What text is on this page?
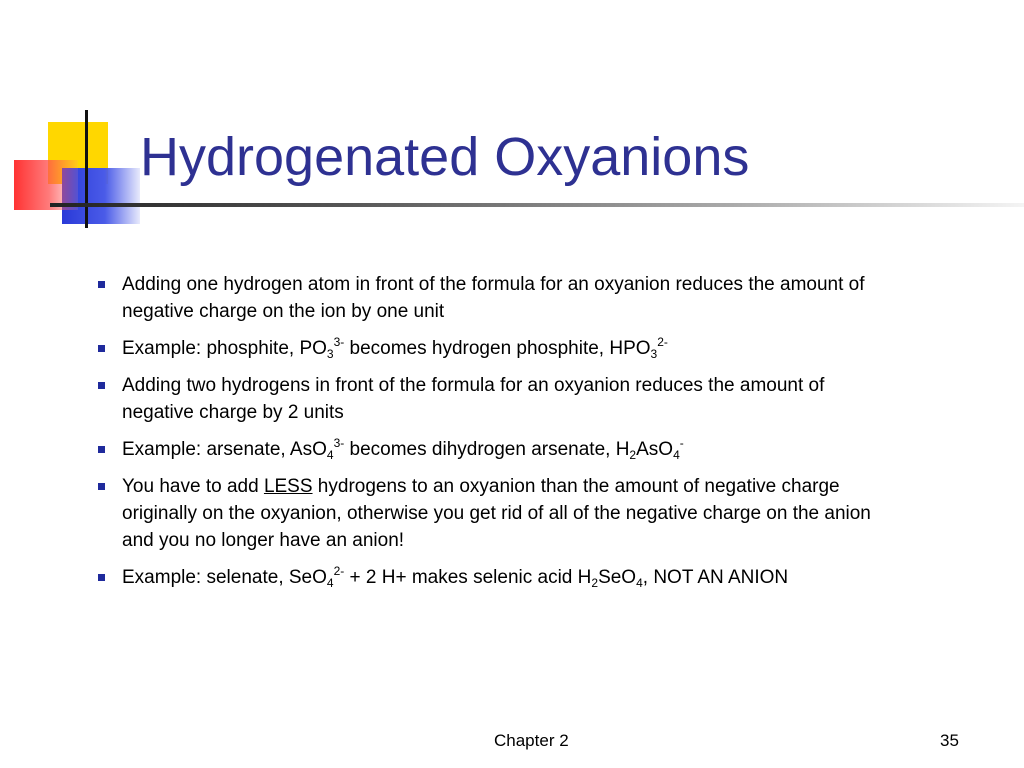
Hydrogenated Oxyanions
Adding one hydrogen atom in front of the formula for an oxyanion reduces the amount of negative charge on the ion by one unit
Example: phosphite, $PO_3^{3-}$ becomes hydrogen phosphite, $HPO_3^{2-}$
Adding two hydrogens in front of the formula for an oxyanion reduces the amount of negative charge by 2 units
Example: arsenate, AsO$_4^{3-}$ becomes dihydrogen arsenate, $H_2AsO_4^-$
You have to add LESS hydrogens to an oxyanion than the amount of negative charge originally on the oxyanion, otherwise you get rid of all of the negative charge on the anion and you no longer have an anion!
Example: selenate, SeO$_4^{2-}$ + 2 H+ makes selenic acid $H_2SeO_4$, NOT AN ANION
Chapter 2	35
